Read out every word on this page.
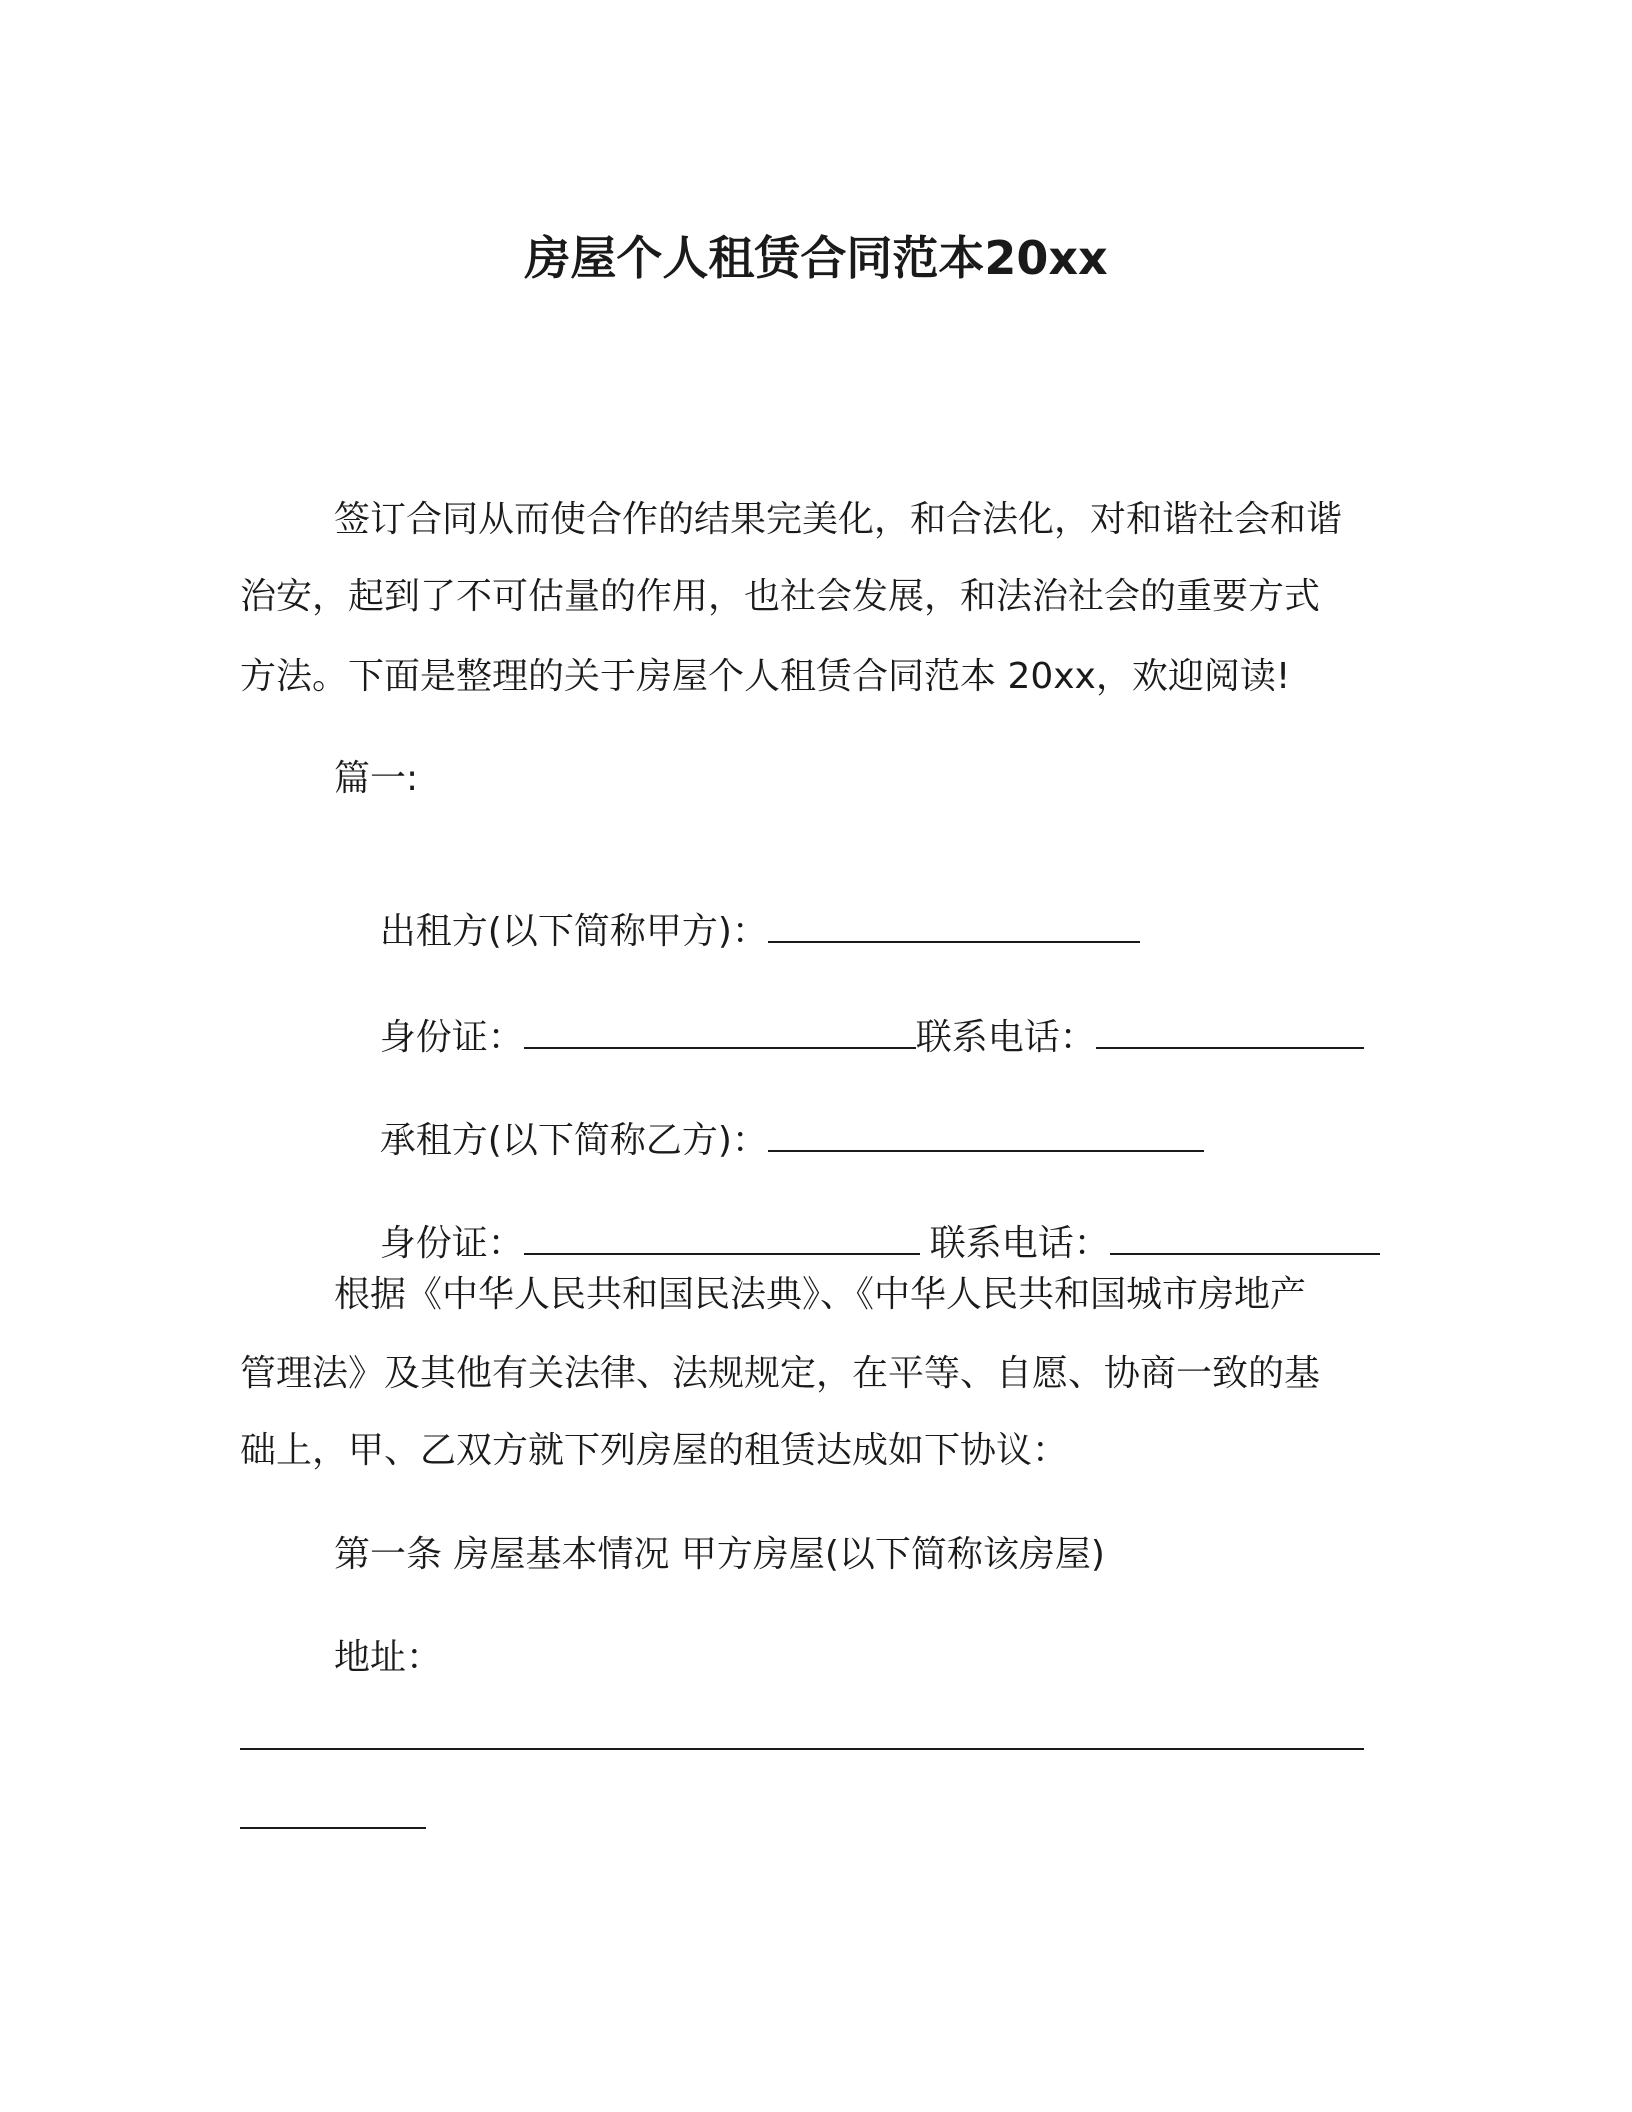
房屋个人租赁合同范本20xx
签订合同从而使合作的结果完美化，和合法化，对和谐社会和谐
治安，起到了不可估量的作用，也社会发展，和法治社会的重要方式
方法。下面是整理的关于房屋个人租赁合同范本 20xx，欢迎阅读!
篇一:

出租方(以下简称甲方)：

身份证：	联系电话：

承租方(以下简称乙方)：

身份证：	联系电话：

根据《中华人民共和国民法典》、《中华人民共和国城市房地产
管理法》及其他有关法律、法规规定，在平等、自愿、协商一致的基
础上，甲、乙双方就下列房屋的租赁达成如下协议：
第一条 房屋基本情况 甲方房屋(以下简称该房屋)
地址：
